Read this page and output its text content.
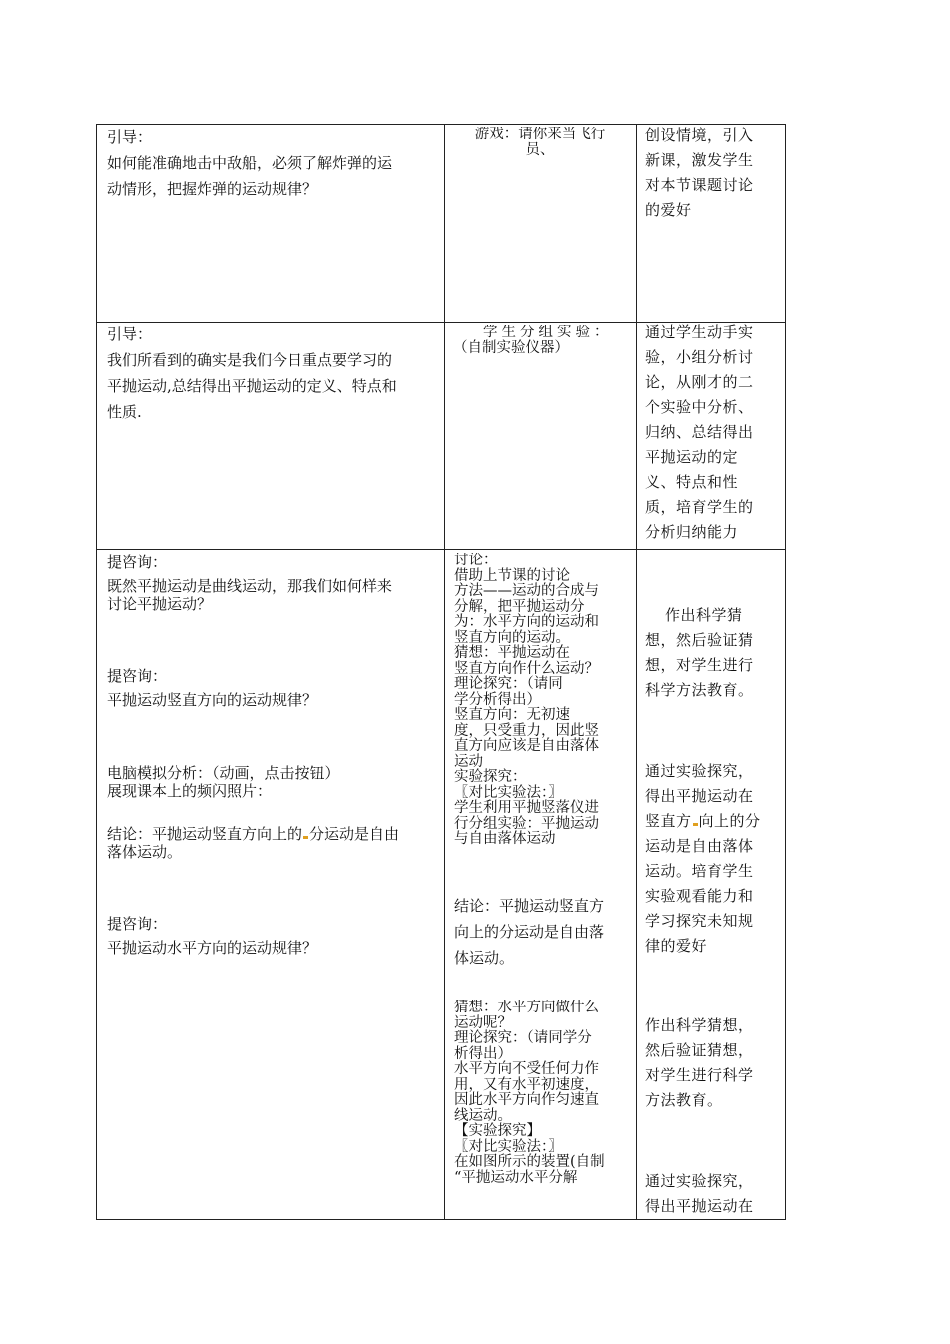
引导：
如何能准确地击中敌船，必须了解炸弹的运
动情形，把握炸弹的运动规律？
游戏：请你来当飞行
员、
创设情境，引入
新课，激发学生
对本节课题讨论
的爱好
引导：
我们所看到的确实是我们今日重点要学习的
平抛运动,总结得出平抛运动的定义、特点和
性质.
学生分组实验：
（自制实验仪器）
通过学生动手实
验，小组分析讨
论，从刚才的二
个实验中分析、
归纳、总结得出
平抛运动的定
义、特点和性
质，培育学生的
分析归纳能力
提咨询：
既然平抛运动是曲线运动，那我们如何样来
讨论平抛运动？
提咨询：
平抛运动竖直方向的运动规律？
电脑模拟分析：（动画，点击按钮）
展现课本上的频闪照片：
结论：平抛运动竖直方向上的 分运动是自由
落体运动。
提咨询：
平抛运动水平方向的运动规律？
讨论：
借助上节课的讨论
方法——运动的合成与
分解，把平抛运动分
为：水平方向的运动和
竖直方向的运动。
猜想：平抛运动在
竖直方向作什么运动？
理论探究：（请同
学分析得出）
竖直方向：无初速
度，只受重力，因此竖
直方向应该是自由落体
运动
实验探究：
〖对比实验法：〗
学生利用平抛竖落仪进
行分组实验：平抛运动
与自由落体运动
结论：平抛运动竖直方
向上的分运动是自由落
体运动。
猜想：水平方向做什么
运动呢？
理论探究：（请同学分
析得出）
水平方向不受任何力作
用，又有水平初速度，
因此水平方向作匀速直
线运动。
【实验探究】
〖对比实验法：〗
在如图所示的装置(自制
“平抛运动水平分解
作出科学猜
想，然后验证猜
想，对学生进行
科学方法教育。
通过实验探究，
得出平抛运动在
竖直方 向上的分
运动是自由落体
运动。培育学生
实验观看能力和
学习探究未知规
律的爱好
作出科学猜想，
然后验证猜想，
对学生进行科学
方法教育。
通过实验探究，
得出平抛运动在
